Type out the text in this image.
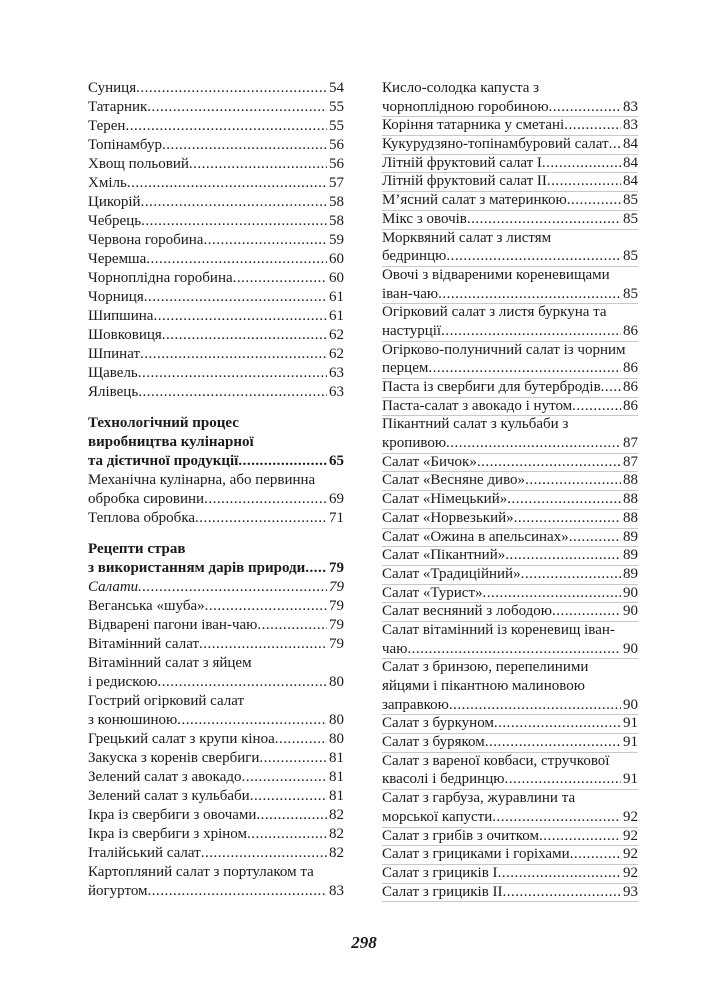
Суниця .....	54
Татарник .....	55
Терен .....	55
Топінамбур .....	56
Хвощ польовий .....	56
Хміль .....	57
Цикорій .....	58
Чебрець .....	58
Червона горобина .....	59
Черемша .....	60
Чорноплідна горобина .....	60
Чорниця .....	61
Шипшина .....	61
Шовковиця .....	62
Шпинат .....	62
Щавель .....	63
Ялівець .....	63
Технологічний процес
виробництва кулінарної
та дієтичної продукції .....	65
Механічна кулінарна, або первинна
обробка сировини .....	69
Теплова обробка .....	71
Рецепти страв
з використанням дарів природи ..... 79
Салати .....	79
Веганська «шуба» .....	79
Відварені пагони іван-чаю .....	79
Вітамінний салат .....	79
Вітамінний салат з яйцем
і редискою .....	80
Гострий огірковий салат
з конюшиною .....	80
Грецький салат з крупи кіноа .....	80
Закуска з коренів свербиги .....	81
Зелений салат з авокадо .....	81
Зелений салат з кульбаби .....	81
Ікра із свербиги з овочами .....	82
Ікра із свербиги з хріном .....	82
Італійський салат .....	82
Картопляний салат з портулаком та
йогуртом .....	83
Кисло-солодка капуста з
чорноплідною горобиною .....	83
Коріння татарника у сметані .....	83
Кукурудзяно-топінамбуровий салат ..... 84
Літній фруктовий салат I .....	84
Літній фруктовий салат II .....	84
М’ясний салат з материнкою .....	85
Мікс з овочів .....	85
Морквяний салат з листям
бедринцю .....	85
Овочі з відвареними кореневищами
іван-чаю .....	85
Огірковий салат з листя буркуна та
настурції .....	86
Огірково-полуничний салат із чорним
перцем .....	86
Паста із свербиги для бутербродів ..... 86
Паста-салат з авокадо і нутом .....	86
Пікантний салат з кульбаби з
кропивою .....	87
Салат «Бичок» .....	87
Салат «Весняне диво» .....	88
Салат «Німецький» .....	88
Салат «Норвезький» .....	88
Салат «Ожина в апельсинах» .....	89
Салат «Пікантний» .....	89
Салат «Традиційний» .....	89
Салат «Турист» .....	90
Салат весняний з лободою .....	90
Салат вітамінний із кореневищ іван-
чаю .....	90
Салат з бринзою, перепелиними
яйцями і пікантною малиновою
заправкою .....	90
Салат з буркуном .....	91
Салат з буряком .....	91
Салат з вареної ковбаси, стручкової
квасолі і бедринцю .....	91
Салат з гарбуза, журавлини та
морської капусти .....	92
Салат з грибів з очитком .....	92
Салат з грициками і горіхами .....	92
Салат з грициків I .....	92
Салат з грициків II .....	93
298
